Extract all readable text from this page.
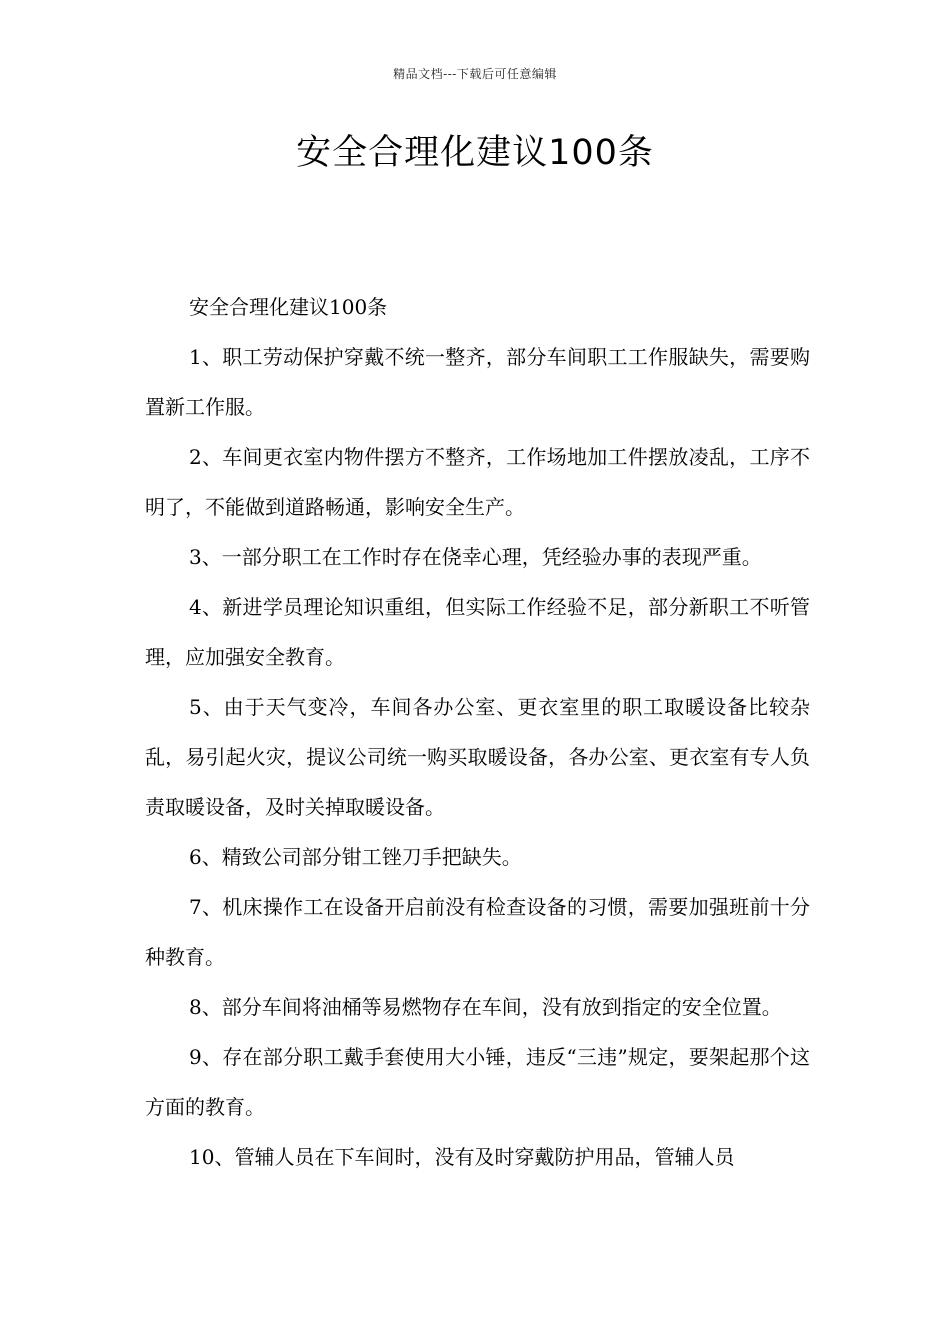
精品文档---下载后可任意编辑
安全合理化建议100条

安全合理化建议100条

1、职工劳动保护穿戴不统一整齐，部分车间职工工作服缺失，需要购置新工作服。

2、车间更衣室内物件摆方不整齐，工作场地加工件摆放凌乱，工序不明了，不能做到道路畅通，影响安全生产。

3、一部分职工在工作时存在侥幸心理，凭经验办事的表现严重。

4、新进学员理论知识重组，但实际工作经验不足，部分新职工不听管理，应加强安全教育。

5、由于天气变冷，车间各办公室、更衣室里的职工取暖设备比较杂乱，易引起火灾，提议公司统一购买取暖设备，各办公室、更衣室有专人负责取暖设备，及时关掉取暖设备。

6、精致公司部分钳工锉刀手把缺失。

7、机床操作工在设备开启前没有检查设备的习惯，需要加强班前十分种教育。

8、部分车间将油桶等易燃物存在车间，没有放到指定的安全位置。

9、存在部分职工戴手套使用大小锤，违反“三违”规定，要架起那个这方面的教育。

10、管辅人员在下车间时，没有及时穿戴防护用品，管辅人员
